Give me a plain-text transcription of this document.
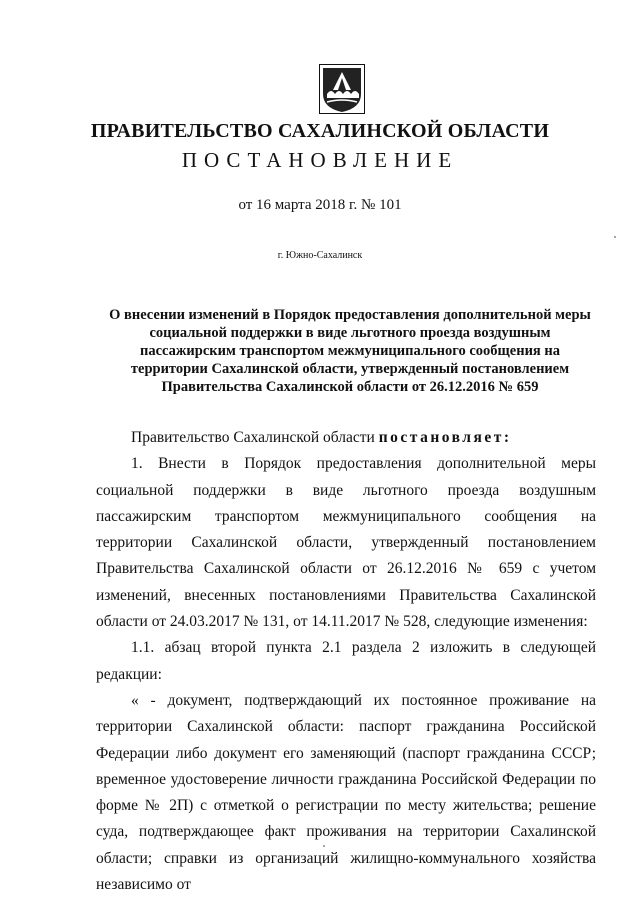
ПРАВИТЕЛЬСТВО САХАЛИНСКОЙ ОБЛАСТИ
ПОСТАНОВЛЕНИЕ
от 16 марта 2018 г. № 101
г. Южно-Сахалинск
О внесении изменений в Порядок предоставления дополнительной меры
социальной поддержки в виде льготного проезда воздушным
пассажирским транспортом межмуниципального сообщения на
территории Сахалинской области, утвержденный постановлением
Правительства Сахалинской области от 26.12.2016 № 659

Правительство Сахалинской области постановляет:

1. Внести в Порядок предоставления дополнительной меры социальной поддержки в виде льготного проезда воздушным пассажирским транспортом межмуниципального сообщения на территории Сахалинской области, утвержденный постановлением Правительства Сахалинской области от 26.12.2016 № 659 с учетом изменений, внесенных постановлениями Правительства Сахалинской области от 24.03.2017 № 131, от 14.11.2017 № 528, следующие изменения:

1.1. абзац второй пункта 2.1 раздела 2 изложить в следующей редакции:

« - документ, подтверждающий их постоянное проживание на территории Сахалинской области: паспорт гражданина Российской Федерации либо документ его заменяющий (паспорт гражданина СССР; временное удостоверение личности гражданина Российской Федерации по форме № 2П) с отметкой о регистрации по месту жительства; решение суда, подтверждающее факт проживания на территории Сахалинской области; справки из организаций жилищно-коммунального хозяйства независимо от
